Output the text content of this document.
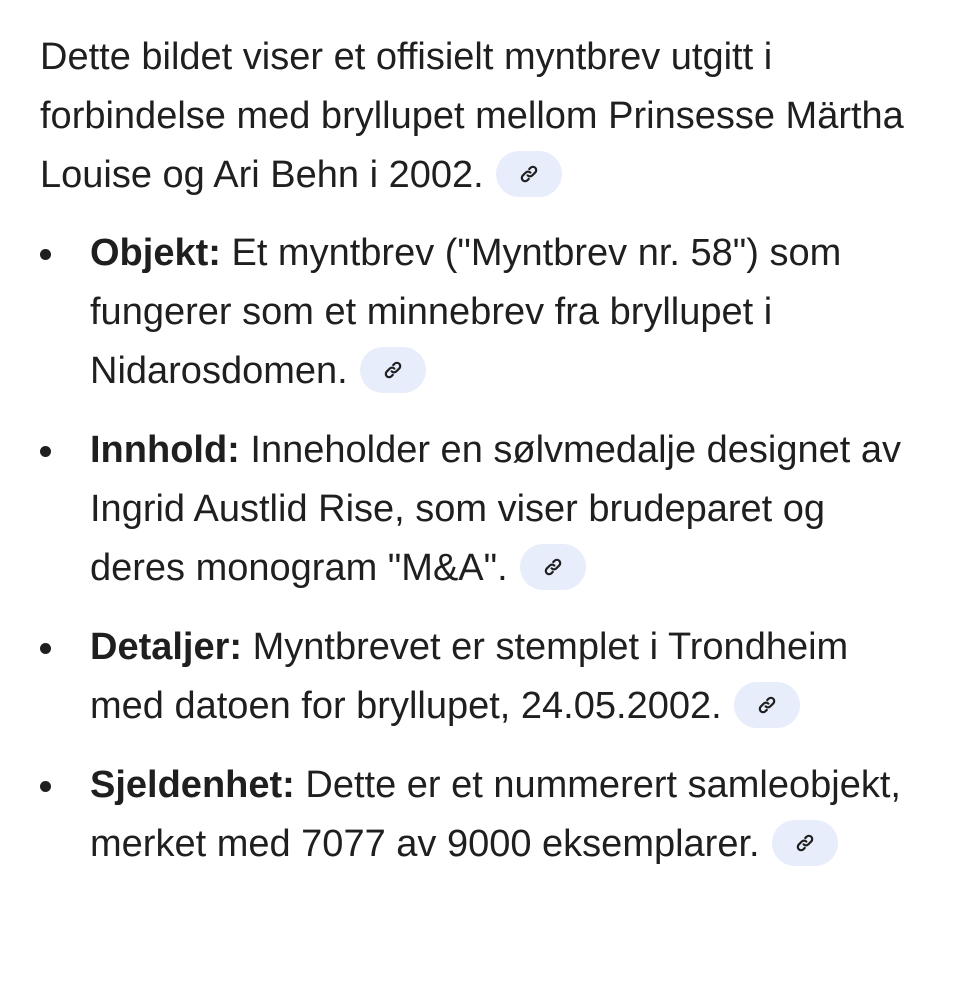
Dette bildet viser et offisielt myntbrev utgitt i forbindelse med bryllupet mellom Prinsesse Märtha Louise og Ari Behn i 2002.

Objekt: Et myntbrev ("Myntbrev nr. 58") som fungerer som et minnebrev fra bryllupet i Nidarosdomen.
Innhold: Inneholder en sølvmedalje designet av Ingrid Austlid Rise, som viser brudeparet og deres monogram "M&A".
Detaljer: Myntbrevet er stemplet i Trondheim med datoen for bryllupet, 24.05.2002.
Sjeldenhet: Dette er et nummerert samleobjekt, merket med 7077 av 9000 eksemplarer.
